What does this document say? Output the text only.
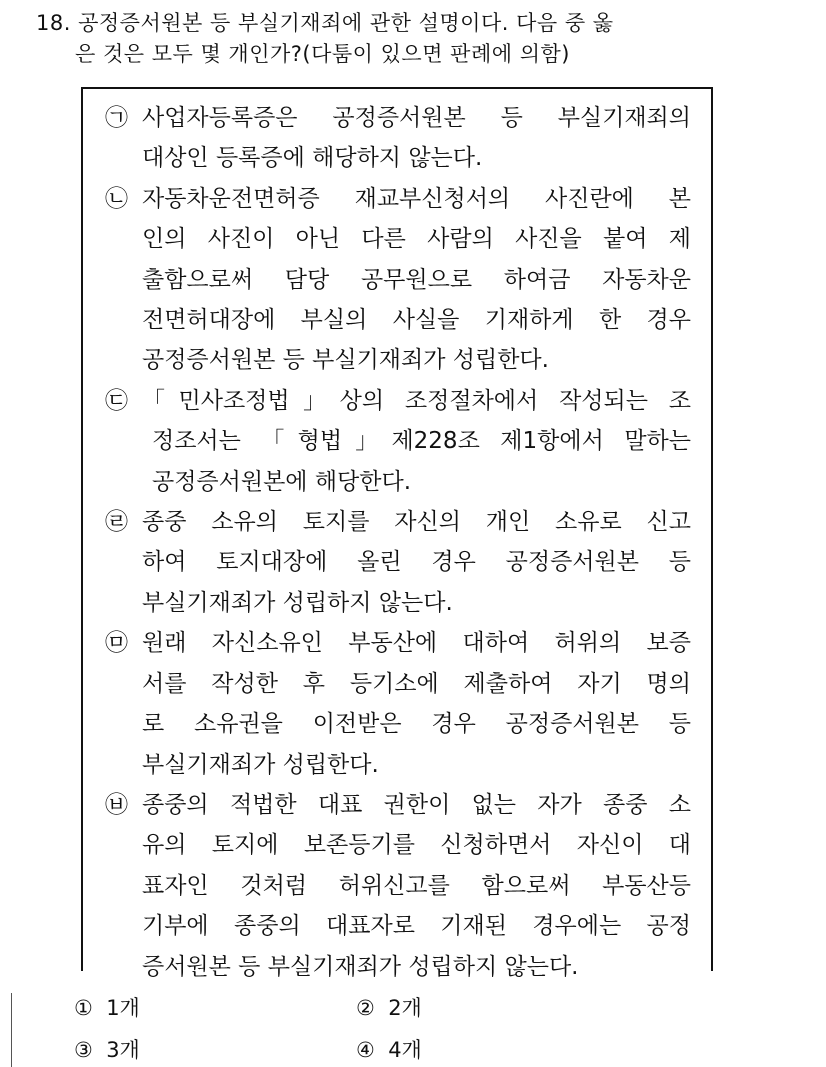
18. 공정증서원본 등 부실기재죄에 관한 설명이다. 다음 중 옳
은 것은 모두 몇 개인가?(다툼이 있으면 판례에 의함)
㉠ 사업자등록증은 공정증서원본 등 부실기재죄의
대상인 등록증에 해당하지 않는다.
㉡ 자동차운전면허증 재교부신청서의 사진란에 본
인의 사진이 아닌 다른 사람의 사진을 붙여 제
출함으로써 담당 공무원으로 하여금 자동차운
전면허대장에 부실의 사실을 기재하게 한 경우
공정증서원본 등 부실기재죄가 성립한다.
㉢ 「민사조정법」상의 조정절차에서 작성되는 조
정조서는 「형법」제228조 제1항에서 말하는
공정증서원본에 해당한다.
㉣ 종중 소유의 토지를 자신의 개인 소유로 신고
하여 토지대장에 올린 경우 공정증서원본 등
부실기재죄가 성립하지 않는다.
㉤ 원래 자신소유인 부동산에 대하여 허위의 보증
서를 작성한 후 등기소에 제출하여 자기 명의
로 소유권을 이전받은 경우 공정증서원본 등
부실기재죄가 성립한다.
㉥ 종중의 적법한 대표 권한이 없는 자가 종중 소
유의 토지에 보존등기를 신청하면서 자신이 대
표자인 것처럼 허위신고를 함으로써 부동산등
기부에 종중의 대표자로 기재된 경우에는 공정
증서원본 등 부실기재죄가 성립하지 않는다.
① 1개	② 2개
③ 3개	④ 4개
